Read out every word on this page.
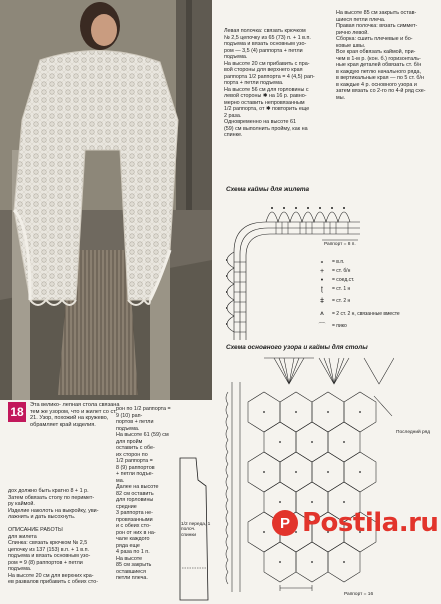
18	Эта велико- лепная стола связана тем же узором, что и жилет со ст. 21. Узор, похожий на кружево, обрамляет край изделия.
Левая полочка: связать крючком
№ 2,5 цепочку из 65 (73) п. + 1 в.п.
подъема и вязать основным узо-
ром — 3,5 (4) раппорта + петли
подъема.
На высоте 20 см прибавить с пра-
вой стороны для верхнего края
раппорта 1/2 раппорта = 4 (4,5) рап-
порта + петли подъема.
На высоте 56 см для горловины с
левой стороны ✱ на 16 р. равно-
мерно оставить непровязанным
1/2 раппорта, от ✱ повторить еще
2 раза.
Одновременно на высоте 61
(59) см выполнить пройму, как на
спинке.
На высоте 85 см закрыть остав-
шиеся петли плеча.
Правая полочка: вязать симмет-
рично левой.
Сборка: сшить плечевые и бо-
ковые швы.
Все края обвязать каймой, при-
чем в 1-м р. (кон. б.) горизонталь-
ные края деталей обвязать ст. б/н
в каждую петлю начального ряда,
в вертикальные края — по 5 ст. б/н
в каждые 4 р. основного узора и
затем вязать со 2-го по 4-й ряд схе-
мы.
дох должно быть кратно 8 + 1 р.
Затем обвязать столу по перимет-
ру каймой.
Изделие наколоть на выкройку, уви-
лажнить и дать высохнуть.

ОПИСАНИЕ РАБОТЫ
для жилета
Спинка: связать крючком № 2,5
цепочку из 137 (153) в.п. + 1 в.п.
подъема и вязать основным узо-
ром = 9 (8) раппортов + петли
подъема.
На высоте 20 см для верхних кра-
ев развалов прибавить с обеих сто-
рон по 1/2 раппорта = 9 (10) рап-
портов + петли подъема.
На высоте 61 (59) см для пройм
оставить с обе-
их сторон по
1/2 раппорта =
8 (9) раппортов
+ петли подъе-
ма.
Далее на высоте
82 см оставить
для горловины
средние
3 раппорта не-
провязанными
и с обеих сто-
рон от них в на-
чале каждого
ряда еще
4 раза по 1 п.
На высоте
85 см закрыть
оставшиеся
петли плеча.
1/2 переда, 1 полоч. спинки
Схема каймы для жилета
Раппорт = 8 п.
∘	= в.п.
+	= ст. б/н
•	= соед.ст.
ʈ	= ст. 1 н
ǂ	= ст. 2 н
⩚	= 2 ст. 2 н, связанные вместе
⌒	= пико
Схема основного узора и каймы для столы
Последний ряд
Раппорт = 16
P Postila.ru
